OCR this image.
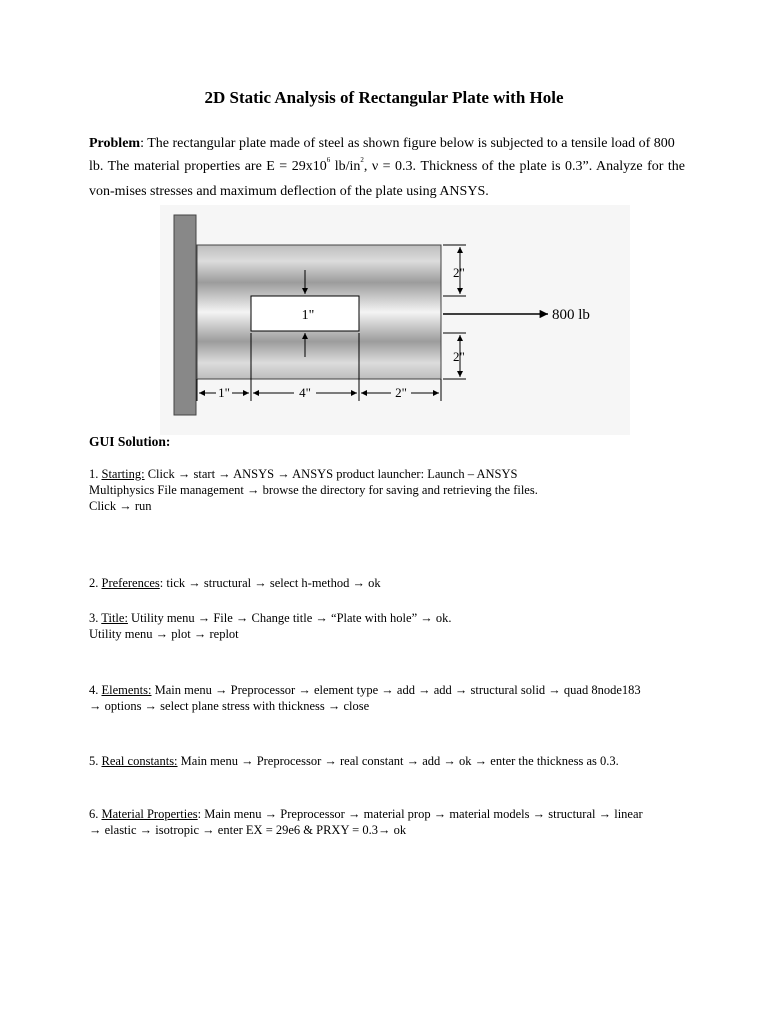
2D Static Analysis of Rectangular Plate with Hole
Problem: The rectangular plate made of steel as shown figure below is subjected to a tensile load of 800
lb. The material properties are $E = 29x10^6$ $lb/in^2$, ν = 0.3. Thickness of the plate is 0.3”. Analyze for the
von-mises stresses and maximum deflection of the plate using ANSYS.
1"
2"
2"
800 lb
1"	4"	2"
GUI Solution:
1. Starting: Click → start → ANSYS → ANSYS product launcher: Launch – ANSYS
Multiphysics File management → browse the directory for saving and retrieving the files.
Click → run
2. Preferences: tick → structural → select h-method → ok
3. Title: Utility menu → File → Change title → “Plate with hole” → ok.
Utility menu → plot → replot
4. Elements: Main menu → Preprocessor → element type → add → add → structural solid → quad 8node183
→ options → select plane stress with thickness → close
5. Real constants: Main menu → Preprocessor → real constant → add → ok → enter the thickness as 0.3.
6. Material Properties: Main menu → Preprocessor → material prop → material models → structural → linear
→ elastic → isotropic → enter EX = 29e6 & PRXY = 0.3→ ok
